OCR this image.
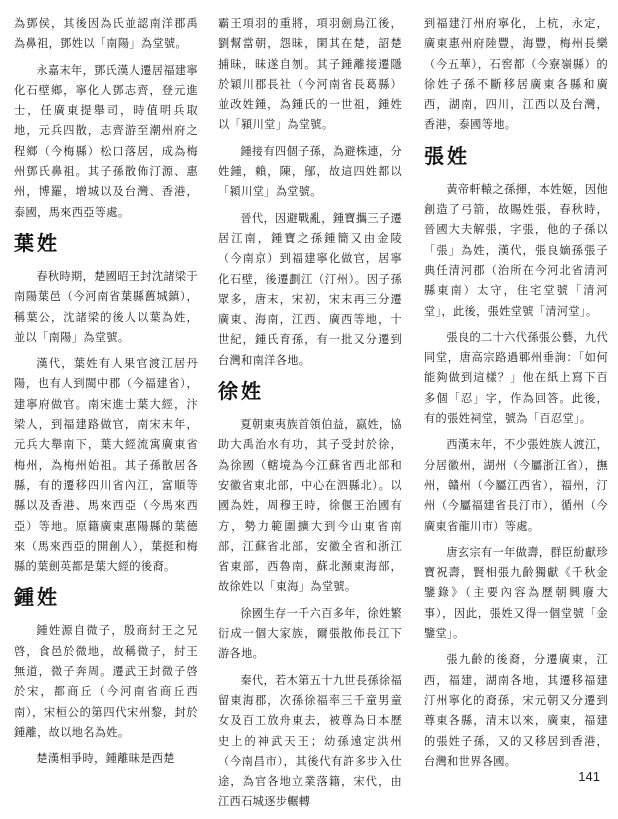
為鄧侯，其後因為氏並認南洋郡禹為鼻祖，鄧姓以「南陽」為堂號。
永嘉末年，鄧氏漢人遷居福建寧化石壁鄉，寧化人鄧志齊，登元進士，任廣東提舉司，時值明兵取地，元兵四散，志齊游至潮州府之程鄉（今梅縣）松口落居，成為梅州鄧氏鼻祖。其子孫散佈汀源、惠州，博羅，增城以及台灣、香港，泰國，馬來西亞等處。
葉姓
春秋時期，楚國昭王封沈諸梁于南陽葉邑（今河南省葉縣舊城鎮），稱葉公，沈諸梁的後人以葉為姓，並以「南陽」為堂號。
漢代，葉姓有人果官渡江居丹陽，也有人到閩中郡（今福建省），建寧府做官。南宋進士葉大經，汴梁人，到福建路做官，南宋末年，元兵大舉南下，葉大經流寓廣東省梅州，為梅州始祖。其子孫散居各縣，有的遷移四川省內江，富順等縣以及香港、馬來西亞（今馬來西亞）等地。原籍廣東惠陽縣的葉德來（馬來西亞的開創人），葉挺和梅縣的葉劍英都是葉大經的後裔。
鍾姓
鍾姓源自微子，殷商紂王之兄啓，食邑於微地，故稱微子，紂王無道，微子奔周。遷武王封微子啓於宋，都商丘（今河南省商丘西南），宋桓公的第四代宋州黎，封於鍾離，故以地名為姓。
楚漢相爭時，鍾離昧是西楚
霸王項羽的重將，項羽劍鳥江後，劉幫當朝，怨昧，閑其在楚，詔楚捕昧，昧遂自刎。其子鍾離接遷隱於穎川郡長社（今河南省長葛縣）並改姓鍾，為鍾氏的一世祖，鍾姓以「潁川堂」為堂號。
鍾接有四個子孫，為避株連，分姓鍾，賴，陳，鄔，故這四姓都以「潁川堂」為堂號。
晉代，因避戰亂，鍾寶攜三子遷居江南，鍾寶之孫鍾簡又由金陵（今南京）到福建寧化做官，居寧化石壁，後遷劃江（汀州）。因子孫眾多，唐末，宋初，宋末再三分遷廣東、海南，江西、廣西等地，十世紀，鍾氏育孫，有一批又分遷到台灣和南洋各地。
徐姓
夏朝東夷族首領伯益，嬴姓，協助大禹治水有功，其子受封於徐，為徐國（轄境為今江蘇省西北部和安徽省東北部，中心在泗縣北）。以國為姓，周穆王時，徐偃王治國有方，勢力範圍擴大到今山東省南部，江蘇省北部，安徽全省和浙江省東部，西魯南，蘇北瀕東海部，故徐姓以「東海」為堂號。
徐國生存一千六百多年，徐姓繁衍成一個大家族，爾張散佈長江下游各地。
秦代，若木第五十九世長孫徐福留東海郡，次孫徐福率三千童男童女及百工放舟東去，被尊為日本歷史上的神武天王；幼孫遠定洪州（今南昌市），其後代有許多步入仕途，為官各地立業落籍，宋代，由江西石城逐步輾轉
到福建汀州府寧化，上杭，永定，廣東惠州府陸豐，海豐，梅州長樂（今五華），石窖都（今寮嶺縣）的徐姓子孫不斷移居廣東各縣和廣西，湖南，四川，江西以及台灣，香港，泰國等地。
張姓
黃帝軒轅之孫揮，本姓姬，因他創造了弓箭，故賜姓張，春秋時，晉國大夫解張，字張，他的子孫以「張」為姓，漢代，張良嫡孫張子典任清河郡（治所在今河北省清河縣東南）太守，住宅堂號「清河堂」，此後，張姓堂號「清河堂」。
張良的二十六代孫張公藝，九代同堂，唐高宗路過鄆州垂詢：「如何能夠做到這樣？」他在紙上寫下百多個「忍」字，作為回答。此後，有的張姓祠堂，號為「百忍堂」。
西漢末年，不少張姓族人渡江，分居徽州，湖州（今屬浙江省），撫州，贛州（今屬江西省），福州，汀州（今屬福建省長汀市），循州（今廣東省龍川市）等處。
唐玄宗有一年做壽，群臣紛獻珍寶祝壽，賢相張九齡獨獻《千秋金鑒錄》（主要內容為歷朝興廢大事），因此，張姓又得一個堂號「金鑒堂」。
張九齡的後裔，分遷廣東，江西，福建，湖南各地，其遷移福建汀州寧化的裔孫，宋元朝又分遷到尊東各縣，清末以來，廣東，福建的張姓子孫，又的又移居到香港，台灣和世界各國。
141
